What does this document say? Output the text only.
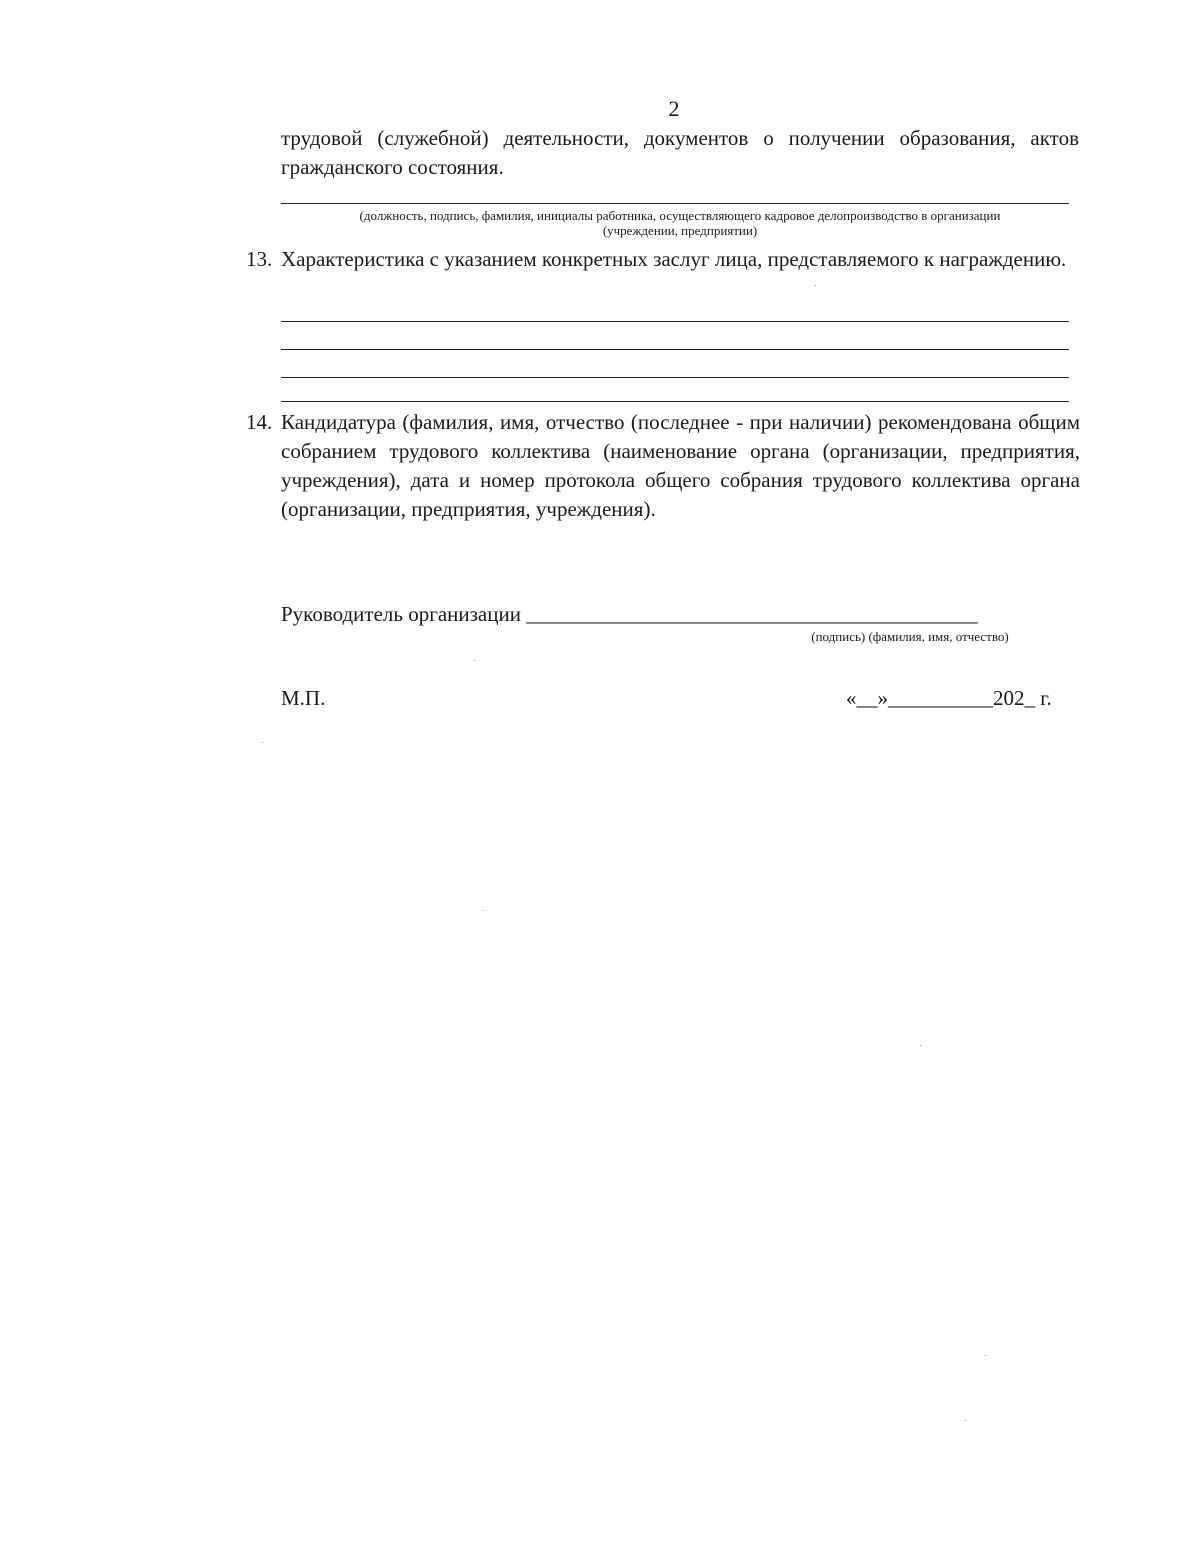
2
трудовой (служебной) деятельности, документов о получении образования, актов гражданского состояния.
(должность, подпись, фамилия, инициалы работника, осуществляющего кадровое делопроизводство в организации
(учреждении, предприятии)
13. Характеристика с указанием конкретных заслуг лица, представляемого к награждению.
14. Кандидатура (фамилия, имя, отчество (последнее - при наличии) рекомендована общим собранием трудового коллектива (наименование органа (организации, предприятия, учреждения), дата и номер протокола общего собрания трудового коллектива органа (организации, предприятия, учреждения).
Руководитель организации ___________________________________________
(подпись) (фамилия, имя, отчество)
М.П.	«__»__________202_ г.
